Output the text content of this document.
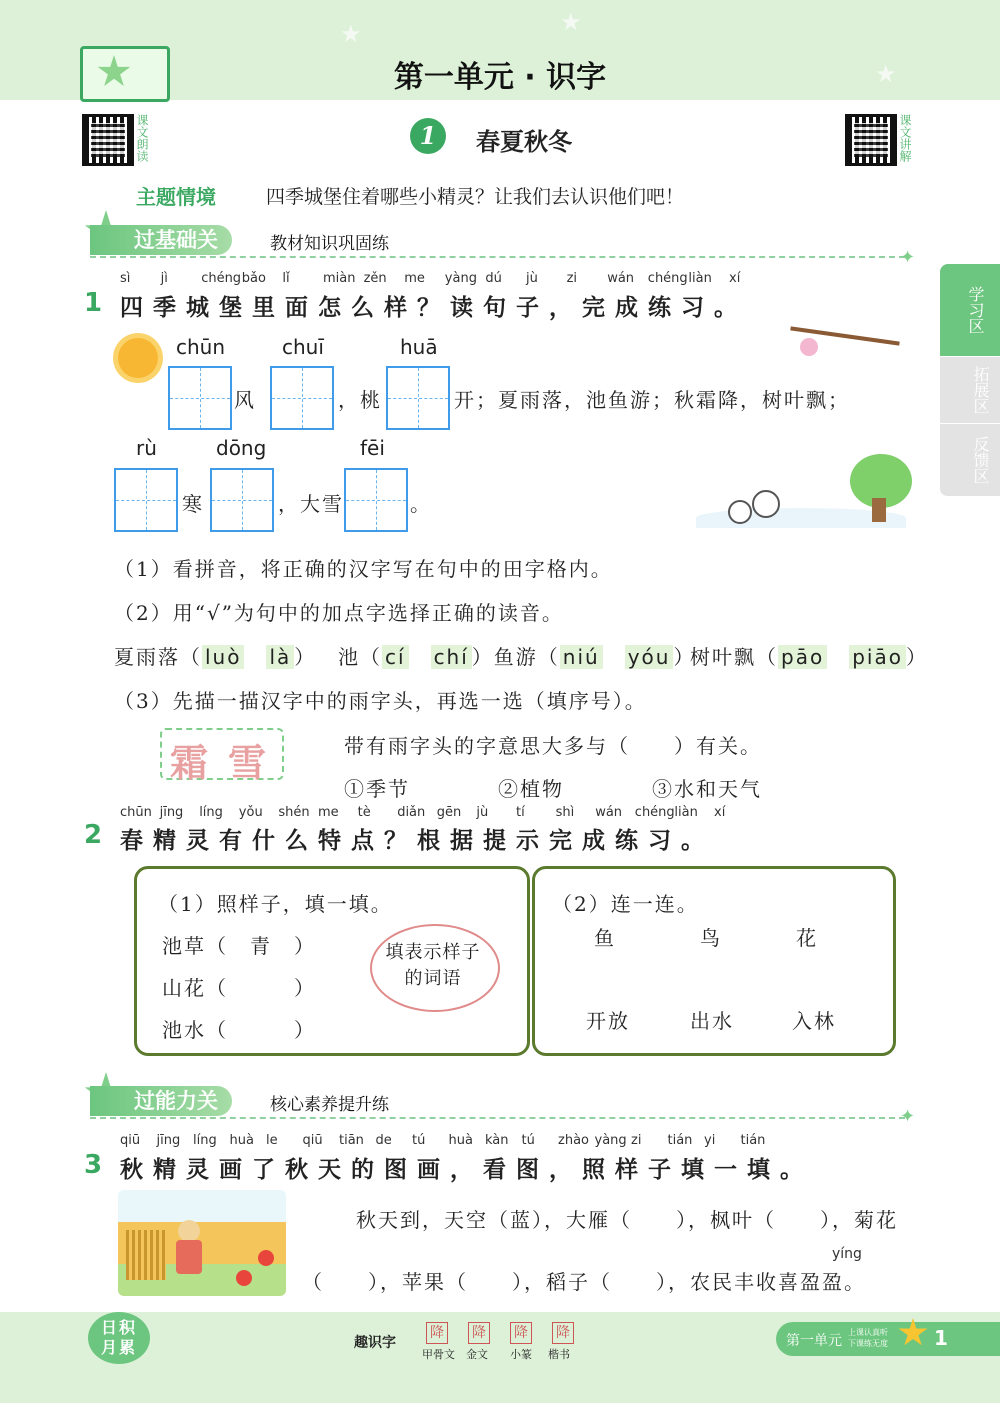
★
★
★
第一单元 · 识字
课文朗读	课文讲解
1	春夏秋冬
主题情境	四季城堡住着哪些小精灵？让我们去认识他们吧！
学习区
拓展区
反馈区
过基础关	教材知识巩固练
✦
1
sì jì	chéng bǎo lǐ	miàn zěn me yàng dú jù zi wán chéng liàn xí
四季城堡里面怎么样？读句子，完成练习。
chūn	chuī	huā
风	，桃	开；夏雨落，池鱼游；秋霜降，树叶飘；
rù	dōng	fēi
寒	，大雪	。
（1）看拼音，将正确的汉字写在句中的田字格内。
（2）用“√”为句中的加点字选择正确的读音。
夏雨落（ luò　 là ） 池（ cí　 chí ）鱼游（ niú　 yóu ）
树叶飘（ pāo　 piāo ）
（3）先描一描汉字中的雨字头，再选一选（填序号）。
霜 雪	带有雨字头的字意思大多与（　　）有关。
①季节	②植物	③水和天气
2
chūn jīng líng yǒu shén me tè diǎn gēn jù tí shì wán chéng liàn xí
春精灵有什么特点？根据提示完成练习。
（1）照样子，填一填。
池草（　青　）
山花（　　　）
池水（　　　）
填表示样子的词语
（2）连一连。
鱼	鸟	花
开放	出水	入林
过能力关	核心素养提升练
✦
3
qiū jīng líng huà le qiū tiān de tú huà kàn tú zhào yàng zi tián yi tián
秋精灵画了秋天的图画，看图，照样子填一填。
秋天到，天空（蓝），大雁（　　），枫叶（　　），菊花
yíng
（　　），苹果（　　），稻子（　　），农民丰收喜盈盈。
日积月累	趣识字
降 降 降 降
甲骨文 金文 小篆 楷书
第一单元
上课认真听
下课练无度 1
